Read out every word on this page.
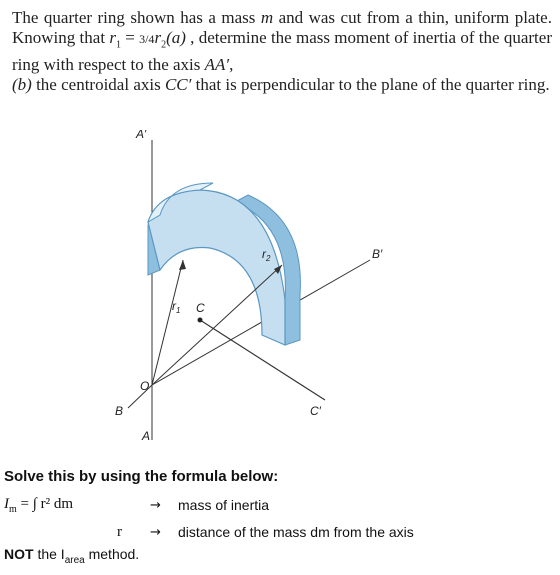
The quarter ring shown has a mass m and was cut from a thin, uniform plate. Knowing that $r_1 = 3/4r_2(a)$ , determine the mass moment of inertia of the quarter ring with respect to the axis AA′,
(b) the centroidal axis CC′ that is perpendicular to the plane of the quarter ring.
A′
A
B
B′
C
C′
O
$r_1$
$r_2$
Solve this by using the formula below:
$I_m$ = ∫ r² dm	→ mass of inertia
r → distance of the mass dm from the axis
NOT the $I_{area}$ method.
